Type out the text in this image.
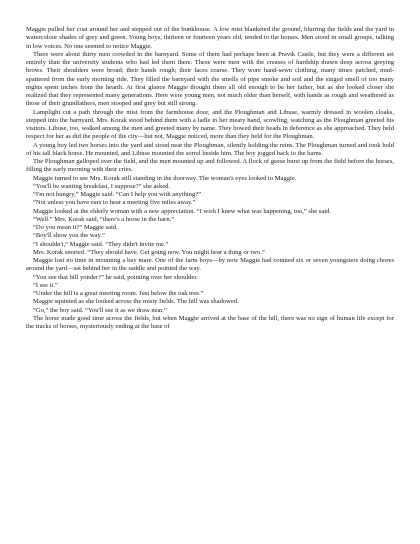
Maggie pulled her coat around her and stepped out of the bunkhouse. A low mist blanketed the ground, blurring the fields and the yard in watercolour shades of grey and green. Young boys, thirteen or fourteen years old, tended to the horses. Men stood in small groups, talking in low voices. No one seemed to notice Maggie.

There were about thirty men crowded in the barnyard. Some of them had perhaps been at Pravik Castle, but they were a different set entirely than the university students who had led them there. These were men with the creases of hardship drawn deep across greying brows. Their shoulders were broad; their hands rough; their faces coarse. They wore hand-sewn clothing, many times patched, mud-spattered from the early morning ride. They filled the barnyard with the smells of pipe smoke and soil and the singed smell of too many nights spent inches from the hearth. At first glance Maggie thought them all old enough to be her father, but as she looked closer she realized that they represented many generations. Here were young men, not much older than herself, with hands as rough and weathered as those of their grandfathers, men stooped and grey but still strong.

Lamplight cut a path through the mist from the farmhouse door, and the Ploughman and Libuse, warmly dressed in woolen cloaks, stepped into the barnyard. Mrs. Korak stood behind them with a ladle in her meaty hand, scowling, watching as the Ploughman greeted his visitors. Libuse, too, walked among the men and greeted many by name. They bowed their heads in deference as she approached. They held respect for her as did the people of the city—but not, Maggie noticed, more than they held for the Ploughman.

A young boy led two horses into the yard and stood near the Ploughman, silently holding the reins. The Ploughman turned and took hold of his tall black horse. He mounted, and Libuse mounted the sorrel beside him. The boy jogged back to the barns.

The Ploughman galloped over the field, and the men mounted up and followed. A flock of geese burst up from the field before the horses, filling the early morning with their cries.

Maggie turned to see Mrs. Korak still standing in the doorway. The woman's eyes looked to Maggie.

“You'll be wanting breakfast, I suppose?” she asked.

“I'm not hungry,” Maggie said. “Can I help you with anything?”

“Not unless you have ears to hear a meeting five miles away.”

Maggie looked at the elderly woman with a new appreciation. “I wish I knew what was happening, too,” she said.

“Well.” Mrs. Korak said, “there's a horse in the barn.”

“Do you mean it?” Maggie said.

“Boy'll show you the way.”

“I shouldn't,” Maggie said. “They didn't invite me.”

Mrs. Korak snorted. “They should have. Get going now. You might hear a thing or two.”

Maggie lost no time in mounting a bay mare. One of the farm boys—by now Maggie had counted six or seven youngsters doing chores around the yard—sat behind her in the saddle and pointed the way.

“You see that hill yonder?” he said, pointing over her shoulder.

“I see it.”

“Under the hill is a great meeting room. Just below the oak tree.”

Maggie squinted as she looked across the misty fields. The hill was shadowed.

“Go,” the boy said. “You'll see it as we draw near.”

The horse made good time across the fields, but when Maggie arrived at the base of the hill, there was no sign of human life except for the tracks of horses, mysteriously ending at the base of
